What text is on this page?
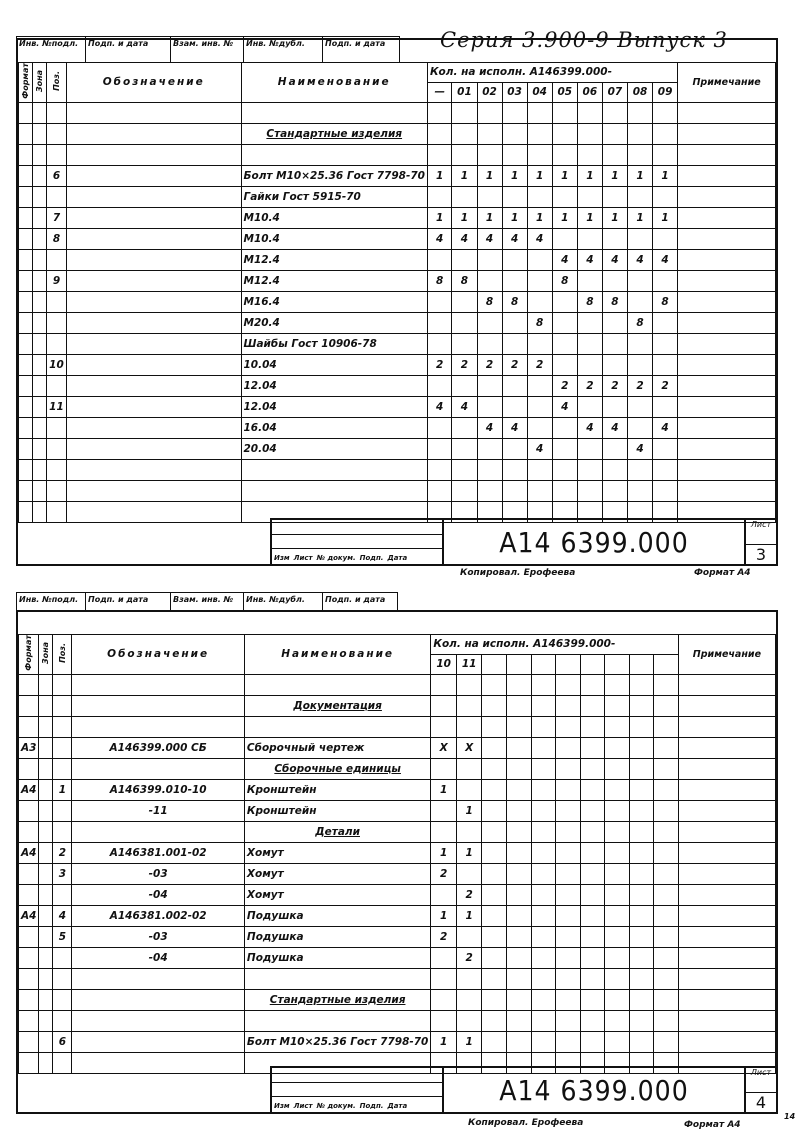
Инв. №подл.	Подп. и дата	Взам. инв. №	Инв. №дубл.	Подп. и дата	Серия 3.900-9 Выпуск 3
Формат	Зона	Поз.	Обозначение	Наименование	Кол. на исполн. А146399.000-										Примечание
					—	01	02	03	04	05	06	07	08	09	

				Стандартные изделия											

		6		Болт М10×25.36 Гост 7798-70	1	1	1	1	1	1	1	1	1	1	
				Гайки Гост 5915-70											
		7		М10.4	1	1	1	1	1	1	1	1	1	1	
		8		М10.4	4	4	4	4	4						
				М12.4						4	4	4	4	4	
		9		М12.4	8	8				8					
				М16.4			8	8			8	8		8	
				М20.4					8				8		
				Шайбы Гост 10906-78											
		10		10.04	2	2	2	2	2						
				12.04						2	2	2	2	2	
		11		12.04	4	4				4					
				16.04			4	4			4	4		4	
				20.04					4				4		

Изм Лист № докум. Подп. Дата	А14 6399.000
Лист
3
Копировал. Ерофеева	Формат А4
Инв. №подл.	Подп. и дата	Взам. инв. №	Инв. №дубл.	Подп. и дата
Формат	Зона	Поз.	Обозначение	Наименование	Кол. на исполн. А146399.000-										Примечание
					10	11									

				Документация											

А3			А146399.000 СБ	Сборочный чертеж	X	X									
				Сборочные единицы											
А4		1	А146399.010-10	Кронштейн	1										
			-11	Кронштейн		1									
				Детали											
А4		2	А146381.001-02	Хомут	1	1									
		3	-03	Хомут	2										
			-04	Хомут		2									
А4		4	А146381.002-02	Подушка	1	1									
		5	-03	Подушка	2										
			-04	Подушка		2									

				Стандартные изделия											

		6		Болт М10×25.36 Гост 7798-70	1	1									

Изм Лист № докум. Подп. Дата	А14 6399.000
Лист
4
Копировал. Ерофеева	Формат А4
14
